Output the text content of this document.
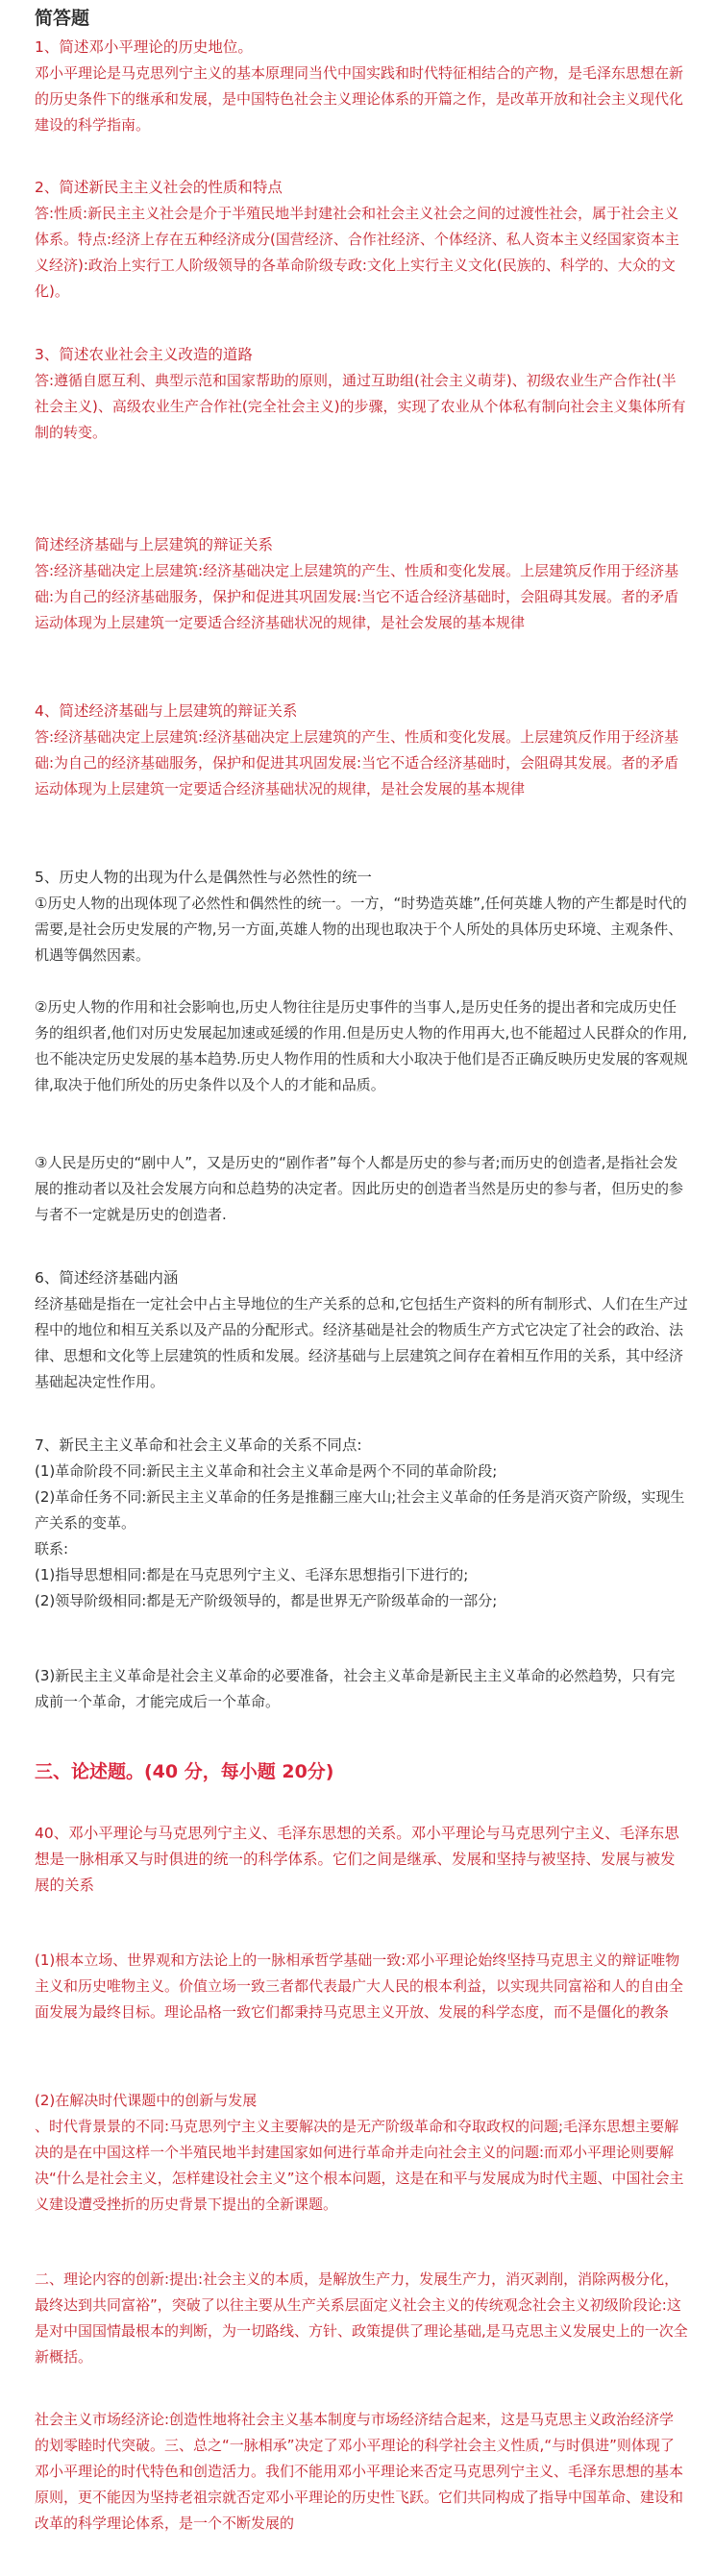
简答题
1、简述邓小平理论的历史地位。
邓小平理论是马克思列宁主义的基本原理同当代中国实践和时代特征相结合的产物，是毛泽东思想在新的历史条件下的继承和发展，是中国特色社会主义理论体系的开篇之作，是改革开放和社会主义现代化建设的科学指南。
2、简述新民主主义社会的性质和特点
答:性质:新民主主义社会是介于半殖民地半封建社会和社会主义社会之间的过渡性社会，属于社会主义体系。特点:经济上存在五种经济成分(国营经济、合作社经济、个体经济、私人资本主义经国家资本主义经济):政治上实行工人阶级领导的各革命阶级专政:文化上实行主义文化(民族的、科学的、大众的文化)。
3、简述农业社会主义改造的道路
答:遵循自愿互利、典型示范和国家帮助的原则，通过互助组(社会主义萌芽)、初级农业生产合作社(半社会主义)、高级农业生产合作社(完全社会主义)的步骤，实现了农业从个体私有制向社会主义集体所有制的转变。
简述经济基础与上层建筑的辩证关系
答:经济基础决定上层建筑:经济基础决定上层建筑的产生、性质和变化发展。上层建筑反作用于经济基础:为自己的经济基础服务，保护和促进其巩固发展:当它不适合经济基础时，会阻碍其发展。者的矛盾运动体现为上层建筑一定要适合经济基础状况的规律，是社会发展的基本规律
4、简述经济基础与上层建筑的辩证关系
答:经济基础决定上层建筑:经济基础决定上层建筑的产生、性质和变化发展。上层建筑反作用于经济基础:为自己的经济基础服务，保护和促进其巩固发展:当它不适合经济基础时，会阻碍其发展。者的矛盾运动体现为上层建筑一定要适合经济基础状况的规律，是社会发展的基本规律
5、历史人物的出现为什么是偶然性与必然性的统一
①历史人物的出现体现了必然性和偶然性的统一。一方，“时势造英雄”,任何英雄人物的产生都是时代的需要,是社会历史发展的产物,另一方面,英雄人物的出现也取决于个人所处的具体历史环境、主观条件、机遇等偶然因素。
②历史人物的作用和社会影响也,历史人物往往是历史事件的当事人,是历史任务的提出者和完成历史任务的组织者,他们对历史发展起加速或延缓的作用.但是历史人物的作用再大,也不能超过人民群众的作用,也不能决定历史发展的基本趋势.历史人物作用的性质和大小取决于他们是否正确反映历史发展的客观规律,取决于他们所处的历史条件以及个人的才能和品质。
③人民是历史的“剧中人”，又是历史的“剧作者”每个人都是历史的参与者;而历史的创造者,是指社会发展的推动者以及社会发展方向和总趋势的决定者。因此历史的创造者当然是历史的参与者，但历史的参与者不一定就是历史的创造者.
6、简述经济基础内涵
经济基础是指在一定社会中占主导地位的生产关系的总和,它包括生产资料的所有制形式、人们在生产过程中的地位和相互关系以及产品的分配形式。经济基础是社会的物质生产方式它决定了社会的政治、法律、思想和文化等上层建筑的性质和发展。经济基础与上层建筑之间存在着相互作用的关系，其中经济基础起决定性作用。
7、新民主主义革命和社会主义革命的关系不同点:
(1)革命阶段不同:新民主主义革命和社会主义革命是两个不同的革命阶段;
(2)革命任务不同:新民主主义革命的任务是推翻三座大山;社会主义革命的任务是消灭资产阶级，实现生产关系的变革。
联系:
(1)指导思想相同:都是在马克思列宁主义、毛泽东思想指引下进行的;
(2)领导阶级相同:都是无产阶级领导的，都是世界无产阶级革命的一部分;
(3)新民主主义革命是社会主义革命的必要准备，社会主义革命是新民主主义革命的必然趋势，只有完成前一个革命，才能完成后一个革命。
三、论述题。(40 分，每小题 20分)
40、邓小平理论与马克思列宁主义、毛泽东思想的关系。邓小平理论与马克思列宁主义、毛泽东思想是一脉相承又与时俱进的统一的科学体系。它们之间是继承、发展和坚持与被坚持、发展与被发展的关系
(1)根本立场、世界观和方法论上的一脉相承哲学基础一致:邓小平理论始终坚持马克思主义的辩证唯物主义和历史唯物主义。价值立场一致三者都代表最广大人民的根本利益，以实现共同富裕和人的自由全面发展为最终目标。理论品格一致它们都秉持马克思主义开放、发展的科学态度，而不是僵化的教条
(2)在解决时代课题中的创新与发展
、时代背景景的不同:马克思列宁主义主要解决的是无产阶级革命和夺取政权的问题;毛泽东思想主要解决的是在中国这样一个半殖民地半封建国家如何进行革命并走向社会主义的问题:而邓小平理论则要解决“什么是社会主义，怎样建设社会主义”这个根本问题，这是在和平与发展成为时代主题、中国社会主义建设遭受挫折的历史背景下提出的全新课题。
二、理论内容的创新:提出:社会主义的本质，是解放生产力，发展生产力，消灭剥削，消除两极分化，最终达到共同富裕”，突破了以往主要从生产关系层面定义社会主义的传统观念社会主义初级阶段论:这是对中国国情最根本的判断，为一切路线、方针、政策提供了理论基础,是马克思主义发展史上的一次全新概括。
社会主义市场经济论:创造性地将社会主义基本制度与市场经济结合起来，这是马克思主义政治经济学的划零睦时代突破。三、总之“一脉相承”决定了邓小平理论的科学社会主义性质,“与时俱进”则体现了邓小平理论的时代特色和创造活力。我们不能用邓小平理论来否定马克思列宁主义、毛泽东思想的基本原则，更不能因为坚持老祖宗就否定邓小平理论的历史性飞跃。它们共同构成了指导中国革命、建设和改革的科学理论体系，是一个不断发展的
